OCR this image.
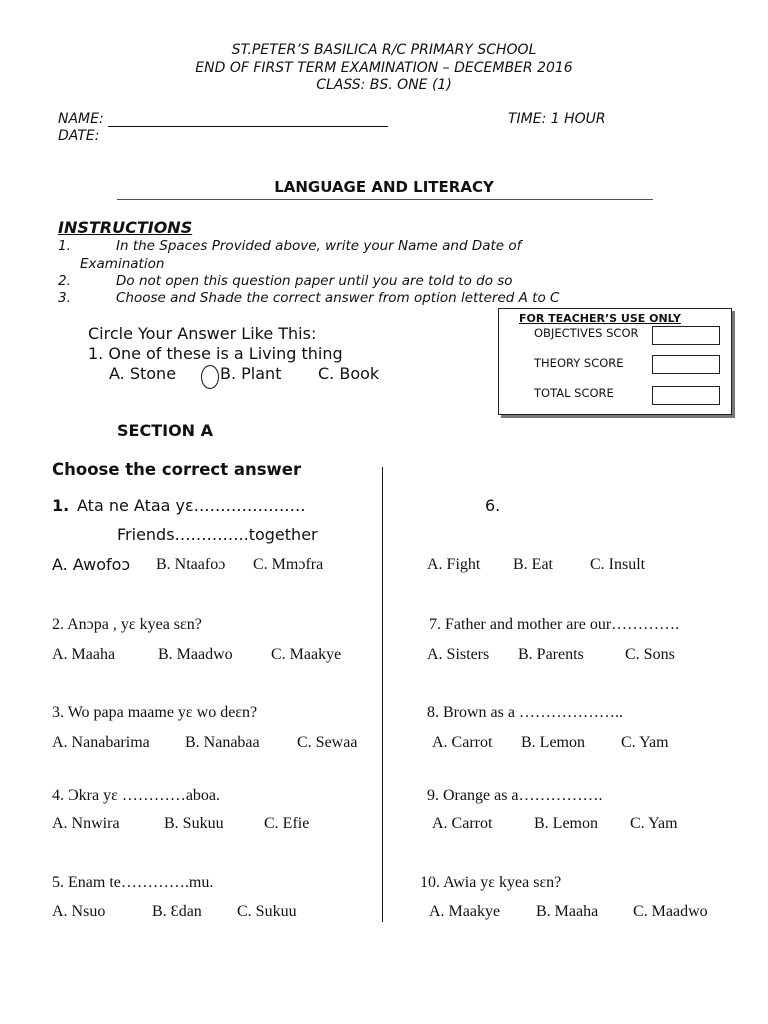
ST.PETER’S BASILICA R/C PRIMARY SCHOOL
END OF FIRST TERM EXAMINATION – DECEMBER 2016
CLASS: BS. ONE (1)
NAME:	TIME: 1 HOUR
DATE:
LANGUAGE AND LITERACY
INSTRUCTIONS
1.	In the Spaces Provided above, write your Name and Date of
Examination
2.	Do not open this question paper until you are told to do so
3.	Choose and Shade the correct answer from option lettered A to C
FOR TEACHER’S USE ONLY
OBJECTIVES SCOR
THEORY SCORE
TOTAL SCORE
Circle Your Answer Like This:
1. One of these is a Living thing
A. Stone	B. Plant C. Book
SECTION A
Choose the correct answer
1. Ata ne Ataa yɛ…………………
Friends…………..together
A. Awofoɔ B. Ntaafoɔ C. Mmɔfra
2. Anɔpa , yɛ kyea sɛn?
A. Maaha	B. Maadwo C. Maakye
3. Wo papa maame yɛ wo deɛn?
A. Nanabarima B. Nanabaa C. Sewaa
4. Ɔkra yɛ …………aboa.
A. Nnwira	B. Sukuu	C. Efie
5. Enam te………….mu.
A. Nsuo	B. Ɛdan C. Sukuu
6.
A. Fight B. Eat C. Insult
7. Father and mother are our………….
A. Sisters B. Parents	C. Sons
8. Brown as a ………………..
A. Carrot B. Lemon C. Yam
9. Orange as a…………….
A. Carrot	B. Lemon C. Yam
10. Awia yɛ kyea sɛn?
A. Maakye B. Maaha C. Maadwo
